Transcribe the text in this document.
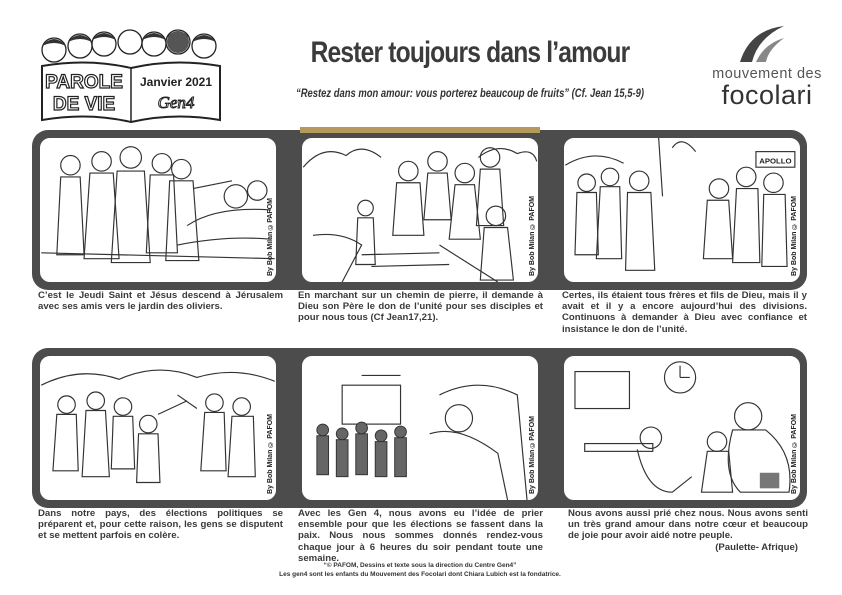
PAROLE
DE VIE
Janvier 2021
Gen4
Rester toujours dans l’amour
“Restez dans mon amour: vous porterez beaucoup de fruits” (Cf. Jean 15,5-9)
mouvement des
focolari
By Bob Milan ©PAFOM	By Bob Milan © PAFOM
APOLLO
By Bob Milan © PAFOM
C’est le Jeudi Saint et Jésus descend à Jérusalem avec ses amis vers le jardin des oliviers.
En marchant sur un chemin de pierre, il demande à Dieu son Père le don de l’unité pour ses disciples et pour nous tous (Cf Jean17,21).
Certes, ils étaient tous frères et fils de Dieu, mais il y avait et il y a encore aujourd’hui des divisions. Continuons à demander à Dieu avec confiance et insistance le don de l’unité.
By Bob Milan © PAFOM	By Bob Milan ©PAFOM	By Bob Milan © PAFOM
Dans notre pays, des élections politiques se préparent et, pour cette raison, les gens se disputent et se mettent parfois en colère.
Avec les Gen 4, nous avons eu l’idée de prier ensemble pour que les élections se fassent dans la paix. Nous nous sommes donnés rendez-vous chaque jour à 6 heures du soir pendant toute une semaine.
Nous avons aussi prié chez nous. Nous avons senti un très grand amour dans notre cœur et beaucoup de joie pour avoir aidé notre peuple.
(Paulette- Afrique)
“© PAFOM, Dessins et texte sous la direction du Centre Gen4”
Les gen4 sont les enfants du Mouvement des Focolari dont Chiara Lubich est la fondatrice.
